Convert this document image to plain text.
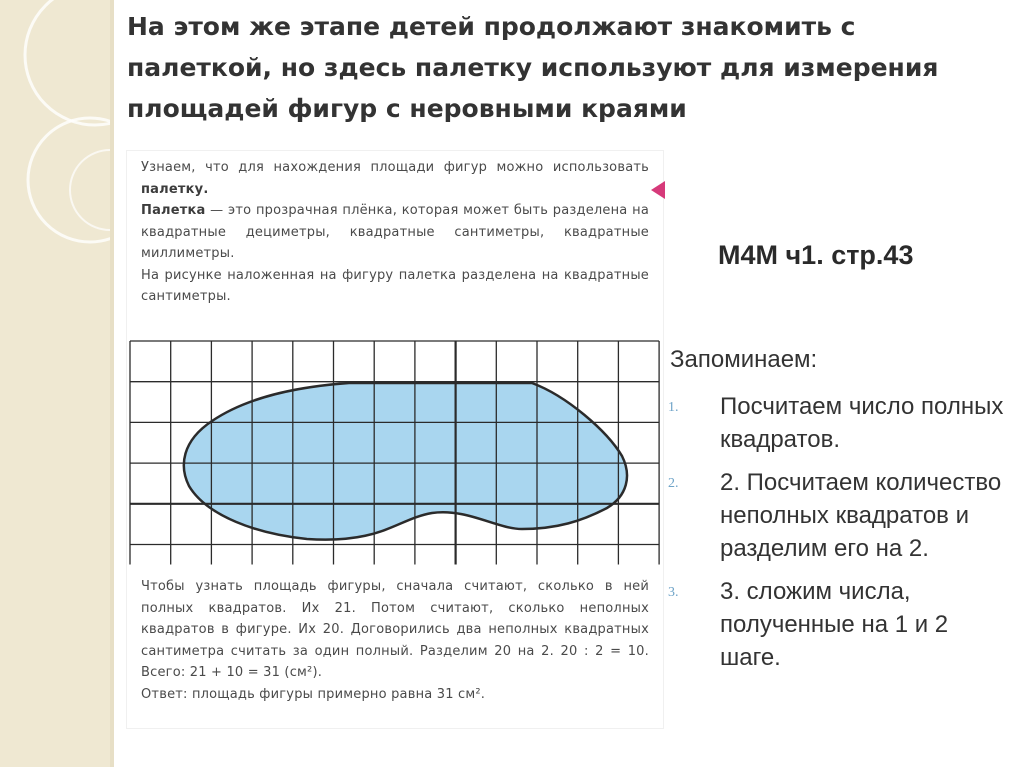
На этом же этапе детей продолжают знакомить с палеткой, но здесь палетку используют для измерения площадей фигур с неровными краями

Узнаем, что для нахождения площади фигур можно использовать палетку.

Палетка — это прозрачная плёнка, которая может быть разделена на квадратные дециметры, квадратные сантиметры, квадратные миллиметры.

На рисунке наложенная на фигуру палетка разделена на квадратные сантиметры.

Чтобы узнать площадь фигуры, сначала считают, сколько в ней полных квадратов. Их 21. Потом считают, сколько неполных квадратов в фигуре. Их 20. Договорились два неполных квадратных сантиметра считать за один полный. Разделим 20 на 2. 20 : 2 = 10. Всего: 21 + 10 = 31 (см²).

Ответ: площадь фигуры примерно равна 31 см².

М4М ч1. стр.43
Запоминаем:
1. Посчитаем число полных квадратов.
2. 2. Посчитаем количество неполных квадратов и разделим его на 2.
3. 3. сложим числа, полученные на 1 и 2 шаге.
